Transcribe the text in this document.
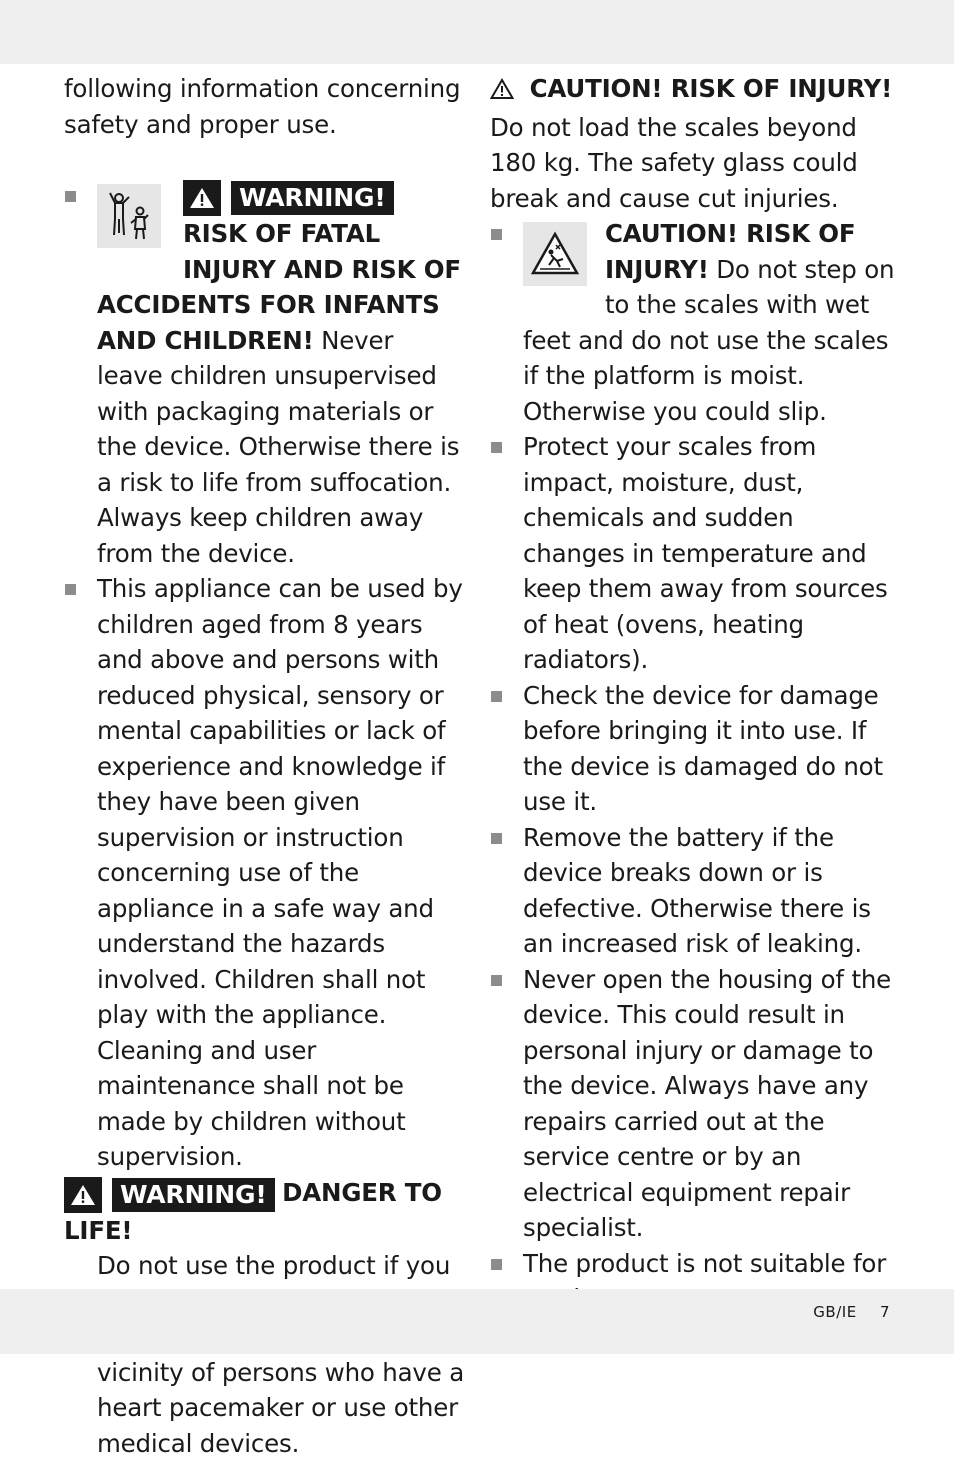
following information concerning safety and proper use.

WARNING!
RISK OF FATAL INJURY AND RISK OF ACCIDENTS FOR INFANTS AND CHILDREN! Never leave children unsupervised with packaging materials or the device. Otherwise there is a risk to life from suffocation. Always keep children away from the device.

This appliance can be used by children aged from 8 years and above and persons with reduced physical, sensory or mental capabilities or lack of experience and knowledge if they have been given supervision or instruction concerning use of the appliance in a safe way and understand the hazards involved. Children shall not play with the appliance. Cleaning and user maintenance shall not be made by children without supervision.

WARNING! DANGER TO LIFE!

Do not use the product if you vicinity of persons who have a heart pacemaker or use other medical devices.

CAUTION! RISK OF INJURY! Do not load the scales beyond 180 kg. The safety glass could break and cause cut injuries.

CAUTION! RISK OF INJURY! Do not step on to the scales with wet feet and do not use the scales if the platform is moist. Otherwise you could slip.

Protect your scales from impact, moisture, dust, chemicals and sudden changes in temperature and keep them away from sources of heat (ovens, heating radiators).

Check the device for damage before bringing it into use. If the device is damaged do not use it.

Remove the battery if the device breaks down or is defective. Otherwise there is an increased risk of leaking.

Never open the housing of the device. This could result in personal injury or damage to the device. Always have any repairs carried out at the service centre or by an electrical equipment repair specialist.

The product is not suitable for

GB/IE 7
